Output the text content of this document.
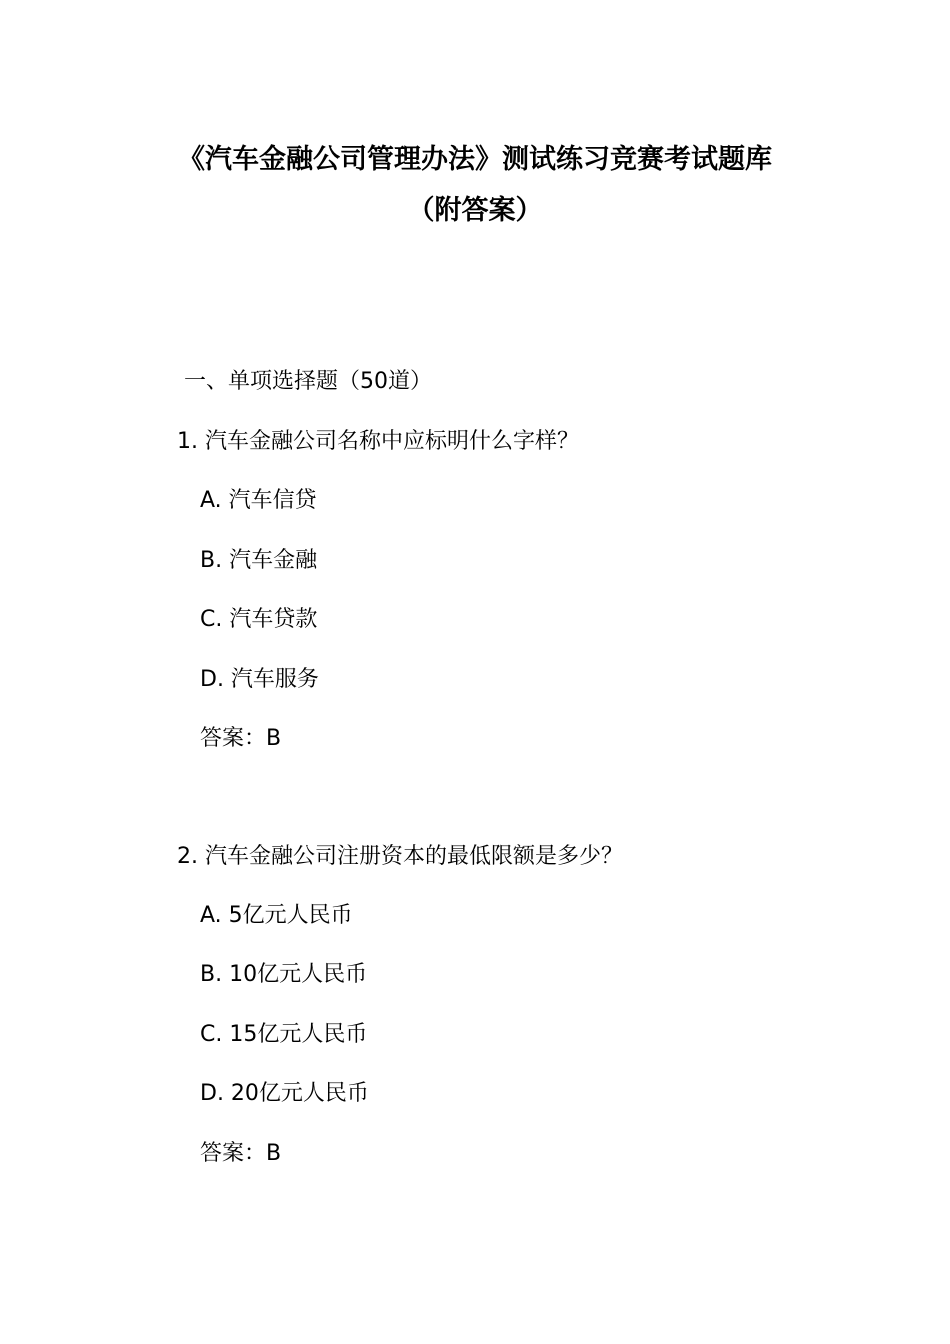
《汽车金融公司管理办法》测试练习竞赛考试题库
（附答案）
一、单项选择题（50道）
1. 汽车金融公司名称中应标明什么字样？
A. 汽车信贷
B. 汽车金融
C. 汽车贷款
D. 汽车服务
答案：B
2. 汽车金融公司注册资本的最低限额是多少？
A. 5亿元人民币
B. 10亿元人民币
C. 15亿元人民币
D. 20亿元人民币
答案：B
